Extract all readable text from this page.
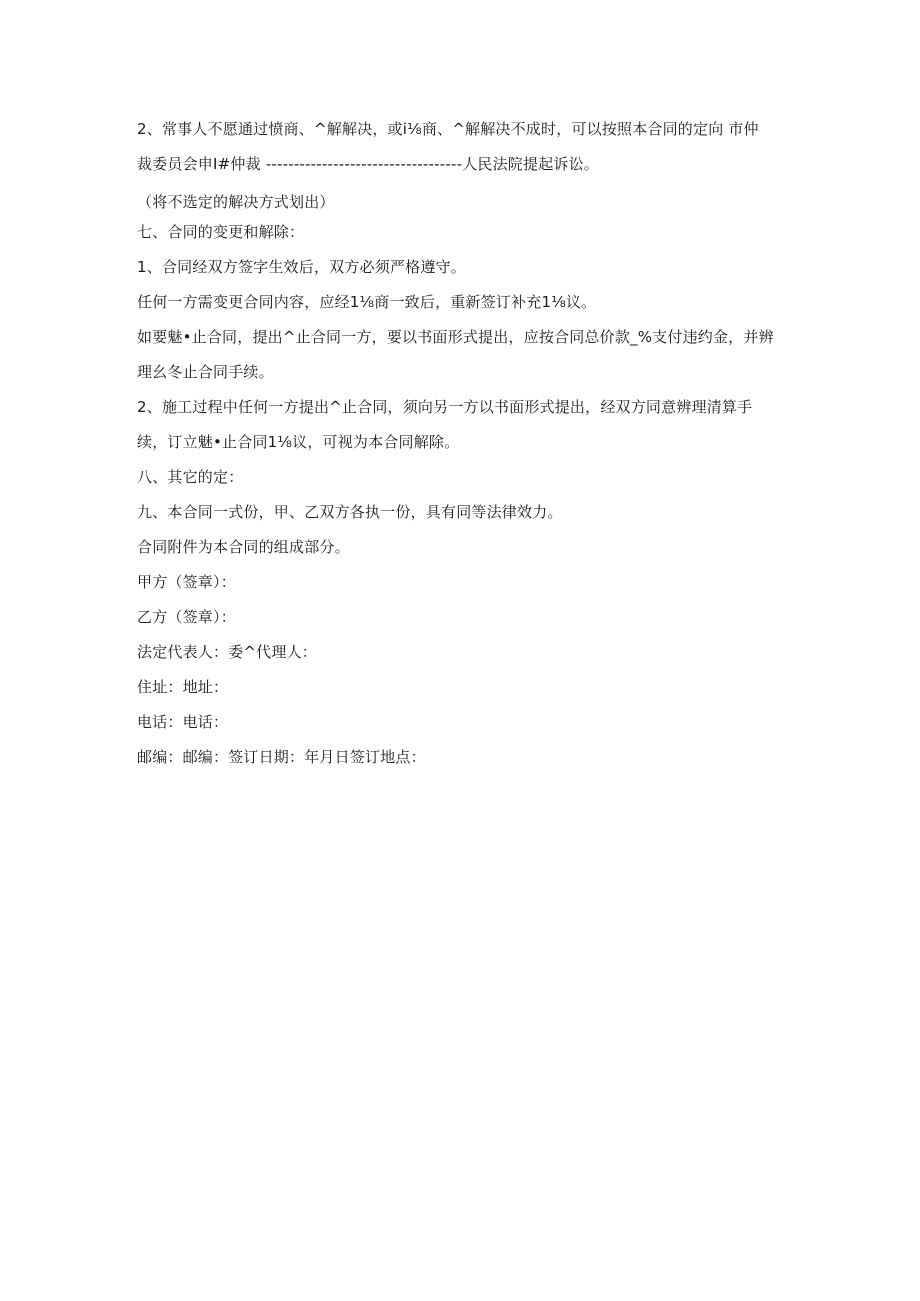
2、常事人不愿通过愤商、^解解决，或i⅛商、^解解决不成时，可以按照本合同的定向 市仲
裁委员会申I#仲裁 -----------------------------------人民法院提起诉讼。
（将不选定的解决方式划出）
七、合同的变更和解除：
1、合同经双方签字生效后，双方必须严格遵守。
任何一方需变更合同内容，应经1⅛商一致后，重新签订补充1⅛议。
如要魅•止合同，提出^止合同一方，要以书面形式提出，应按合同总价款_%支付违约金，并辨
理幺冬止合同手续。
2、施工过程中任何一方提出^止合同，须向另一方以书面形式提出，经双方同意辨理清算手
续，订立魅•止合同1⅛议，可视为本合同解除。
八、其它的定：
九、本合同一式份，甲、乙双方各执一份，具有同等法律效力。
合同附件为本合同的组成部分。
甲方（签章）：
乙方（签章）：
法定代表人：委^代理人：
住址：地址：
电话：电话：
邮编：邮编：签订日期：年月日签订地点：
